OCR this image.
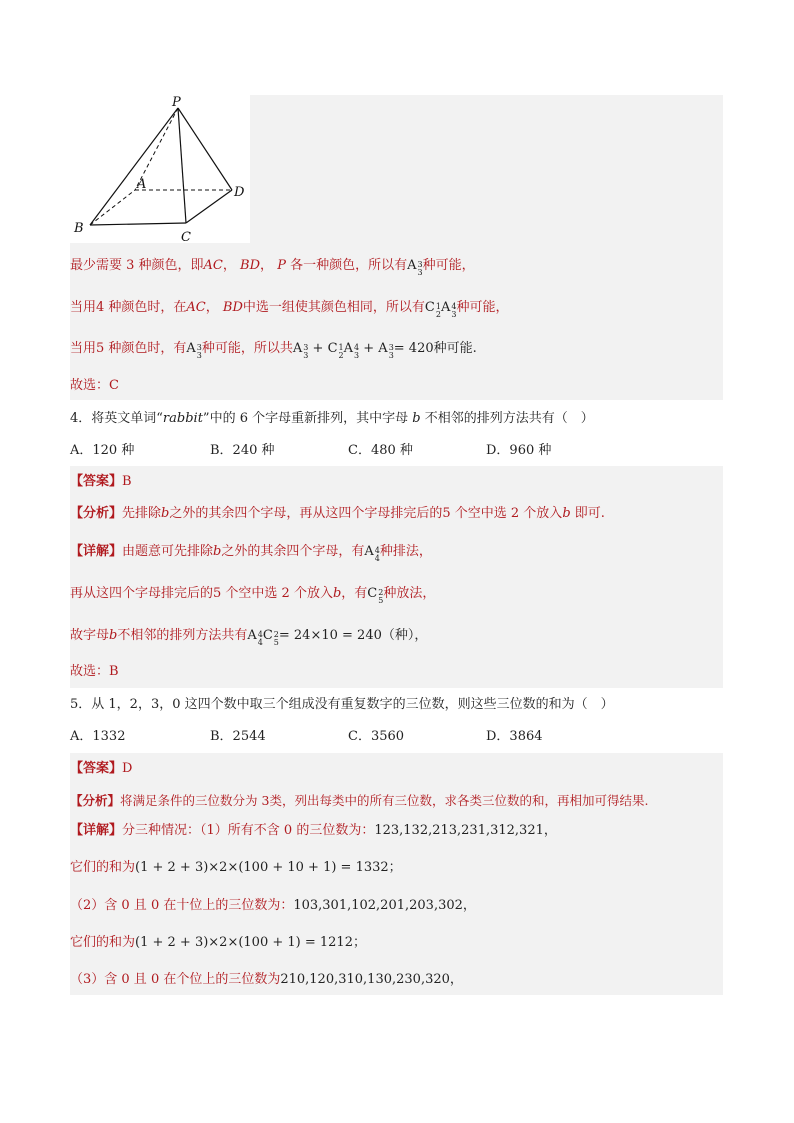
P
A
B
C
D
最少需要 3 种颜色，即AC， BD， P 各一种颜色，所以有 A 3
3 种可能，
当用4 种颜色时，在AC， BD中选一组使其颜色相同，所以有 C 1
2 A 4
3 种可能，
当用5 种颜色时，有 A 3
3 种可能，所以共 A 3
3 + C 1
2 A 4
3 + A 3
3 = 420种可能.
故选：C
4．将英文单词“rabbit”中的 6 个字母重新排列，其中字母 b 不相邻的排列方法共有（　）
A．120 种	B．240 种	C．480 种	D．960 种
【答案】B
【分析】先排除b之外的其余四个字母，再从这四个字母排完后的5 个空中选 2 个放入b 即可.
【详解】由题意可先排除b之外的其余四个字母，有 A 4
4 种排法，
再从这四个字母排完后的5 个空中选 2 个放入b，有 C 2
5 种放法，
故字母b不相邻的排列方法共有 A 4
4 C 2
5 = 24×10 = 240（种），
故选：B
5．从 1，2，3，0 这四个数中取三个组成没有重复数字的三位数，则这些三位数的和为（　）
A．1332	B．2544	C．3560	D．3864
【答案】D
【分析】将满足条件的三位数分为 3类，列出每类中的所有三位数，求各类三位数的和，再相加可得结果.
【详解】分三种情况：（1）所有不含 0 的三位数为：123,132,213,231,312,321，
它们的和为(1 + 2 + 3)×2×(100 + 10 + 1) = 1332；
（2）含 0 且 0 在十位上的三位数为：103,301,102,201,203,302，
它们的和为(1 + 2 + 3)×2×(100 + 1) = 1212；
（3）含 0 且 0 在个位上的三位数为210,120,310,130,230,320，
